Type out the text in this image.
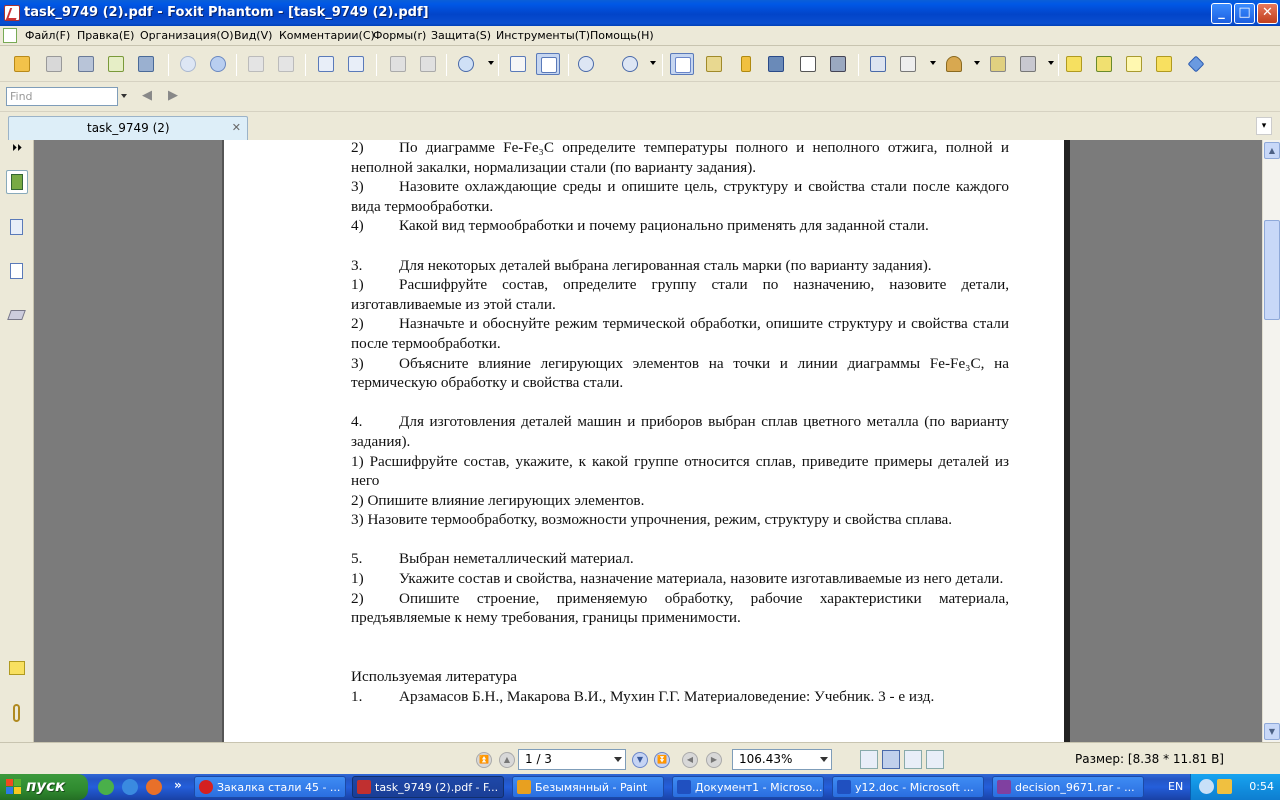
task_9749 (2).pdf - Foxit Phantom - [task_9749 (2).pdf]	_	□ ✕
Файл(F) Правка(E) Организация(O) Вид(V) Комментарии(C)
Формы(r) Защита(S) Инструменты(T) Помощь(H)
Find	◀	▶
task_9749 (2)	✕	▾
⏵⏵	2) По диаграмме Fe-Fe₃C определите температуры полного и неполного отжига, полной и неполной закалки, нормализации стали (по варианту задания).

3) Назовите охлаждающие среды и опишите цель, структуру и свойства стали после каждого вида термообработки.

4) Какой вид термообработки и почему рационально применять для заданной стали.

3. Для некоторых деталей выбрана легированная сталь марки (по варианту задания).

1) Расшифруйте состав, определите группу стали по назначению, назовите детали, изготавливаемые из этой стали.

2) Назначьте и обоснуйте режим термической обработки, опишите структуру и свойства стали после термообработки.

3) Объясните влияние легирующих элементов на точки и линии диаграммы Fe-Fe₃C, на термическую обработку и свойства стали.

4. Для изготовления деталей машин и приборов выбран сплав цветного металла (по варианту задания).

1) Расшифруйте состав, укажите, к какой группе относится сплав, приведите примеры деталей из него

2) Опишите влияние легирующих элементов.

3) Назовите термообработку, возможности упрочнения, режим, структуру и свойства сплава.

5. Выбран неметаллический материал.

1) Укажите состав и свойства, назначение материала, назовите изготавливаемые из него детали.

2) Опишите строение, применяемую обработку, рабочие характеристики материала, предъявляемые к нему требования, границы применимости.

Используемая литература

1. Арзамасов Б.Н., Макарова В.И., Мухин Г.Г. Материаловедение: Учебник. 3 - е изд.

▲
▼
⏫	▲	1 / 3	▼	⏬	◀	▶	106.43%	Размер: [8.38 * 11.81 В]
пуск	»	Закалка стали 45 - ...	task_9749 (2).pdf - F...	Безымянный - Paint	Документ1 - Microso...	y12.doc - Microsoft ...	decision_9671.rar - ...	EN	0:54
